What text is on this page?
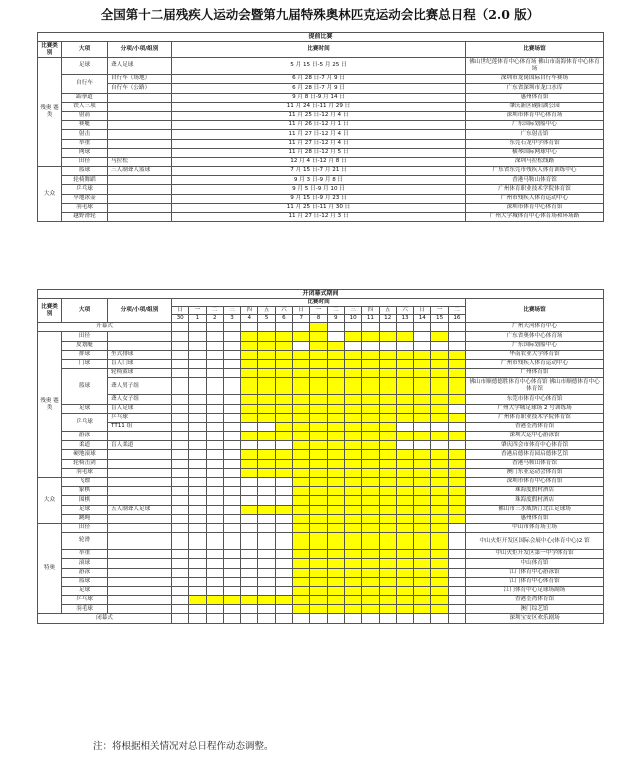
全国第十二届残疾人运动会暨第九届特殊奥林匹克运动会比赛总日程（2.0 版）
提前比赛				
比赛类别	大项	分项/小项/组别	比赛时间	比赛场馆
残奥 蹇类	足球	聋人足球	5 月 15 日-5 月 25 日	佛山世纪莲体育中心体育场 佛山市南海体育中心体育场
	自行车	自行车（场地）	6 月 28 日-7 月 9 日	深圳市龙岗国际自行车赛场
		自行车（公路）	6 月 28 日-7 月 9 日	广东省深圳市龙口水库
	跆拳道		9 月 8 日-9 月 14 日	惠州体育馆
	铁人三项		11 月 24 日-11 月 29 日	肇庆新区砚阳湖公园
	射箭		11 月 25 日-12 月 4 日	深圳市体育中心体育场
	赛艇		11 月 26 日-12 月 1 日	广东国际划船中心
	射击		11 月 27 日-12 月 4 日	广东射击馆
	举重		11 月 27 日-12 月 4 日	东莞石龙中学体育馆
	网球		11 月 28 日-12 月 5 日	横琴国际网球中心
	田径	马拉松	12 月 4 日-12 月 8 日	深圳马拉松线路
大众	篮球	三人制聋人篮球	7 月 15 日-7 月 21 日	广东省东莞市残疾人体育训练中心
	轮椅舞蹈		9 月 3 日-9 月 8 日	香港马鞍山体育馆
	乒乓球		9 月 5 日-9 月 10 日	广州体育职业技术学院体育馆
	旱地冰壶		9 月 15 日-9 月 23 日	广州市残疾人体育运动中心
	羽毛球		11 月 25 日-11 月 30 日	深圳市体育中心体育馆
	越野滑轮		11 月 27 日-12 月 3 日	广州大学城体育中心体育场和环场路
开闭幕式期间																				
比赛类别	大项	分项/小项/组别	比赛时间																	比赛场馆
			日	一	二	三	四	五	六	日	一	二	三	四	五	六	日	一	二	
			30	1	2	3	4	5	6	7	8	9	10	11	12	13	14	15	16	
开幕式																				广州天河体育中心
残奥 蹇类	田径																			广东省奥体中心体育场
	皮划艇																			广东国际划船中心
	排球	坐式排球																		华南农业大学体育馆
	门球	盲人门球																		广州市残疾人体育运动中心
	篮球	轮椅篮球																		广州体育馆
		聋人男子组																		佛山市顺德德胜体育中心体育馆 佛山市顺德体育中心体育馆
		聋人女子组																		东莞市体育中心体育馆
	足球	盲人足球																		广州大学城足球场 2 号训练场
	乒乓球	乒乓球																		广州体育职业技术学院体育馆
		TT11 组																		香港荃湾体育馆
	游泳																			深圳大运中心游泳馆
	柔道	盲人柔道																		肇庆四会市体育中心体育馆
	硬地滚球																			香港启德体育园启德体艺馆
	轮椅击剑																			香港马鞍山体育馆
	羽毛球																			澳门东亚运动会体育馆
大众	飞镖																			深圳市体育中心体育馆
	象棋																			珠海度假村酒店
	围棋																			珠海度假村酒店
	足球	五人制聋人足球																		佛山市三水威斯汀北江足球场
	跳绳																			惠州体育馆
特奥	田径																			中山市体育场主场
	轮滑																			中山火炬开发区国际会展中心(体育中心)2 馆
	举重																			中山火炬开发区第一中学体育馆
	滚球																			中山体育馆
	游泳																			江门体育中心游泳馆
	篮球																			江门体育中心体育馆
	足球																			江门体育中心足球场副场
	乒乓球																			香港荃湾体育馆
	羽毛球																			澳门综艺馆
闭幕式																				深圳宝安区欢乐剧场
注：将根据相关情况对总日程作动态调整。
